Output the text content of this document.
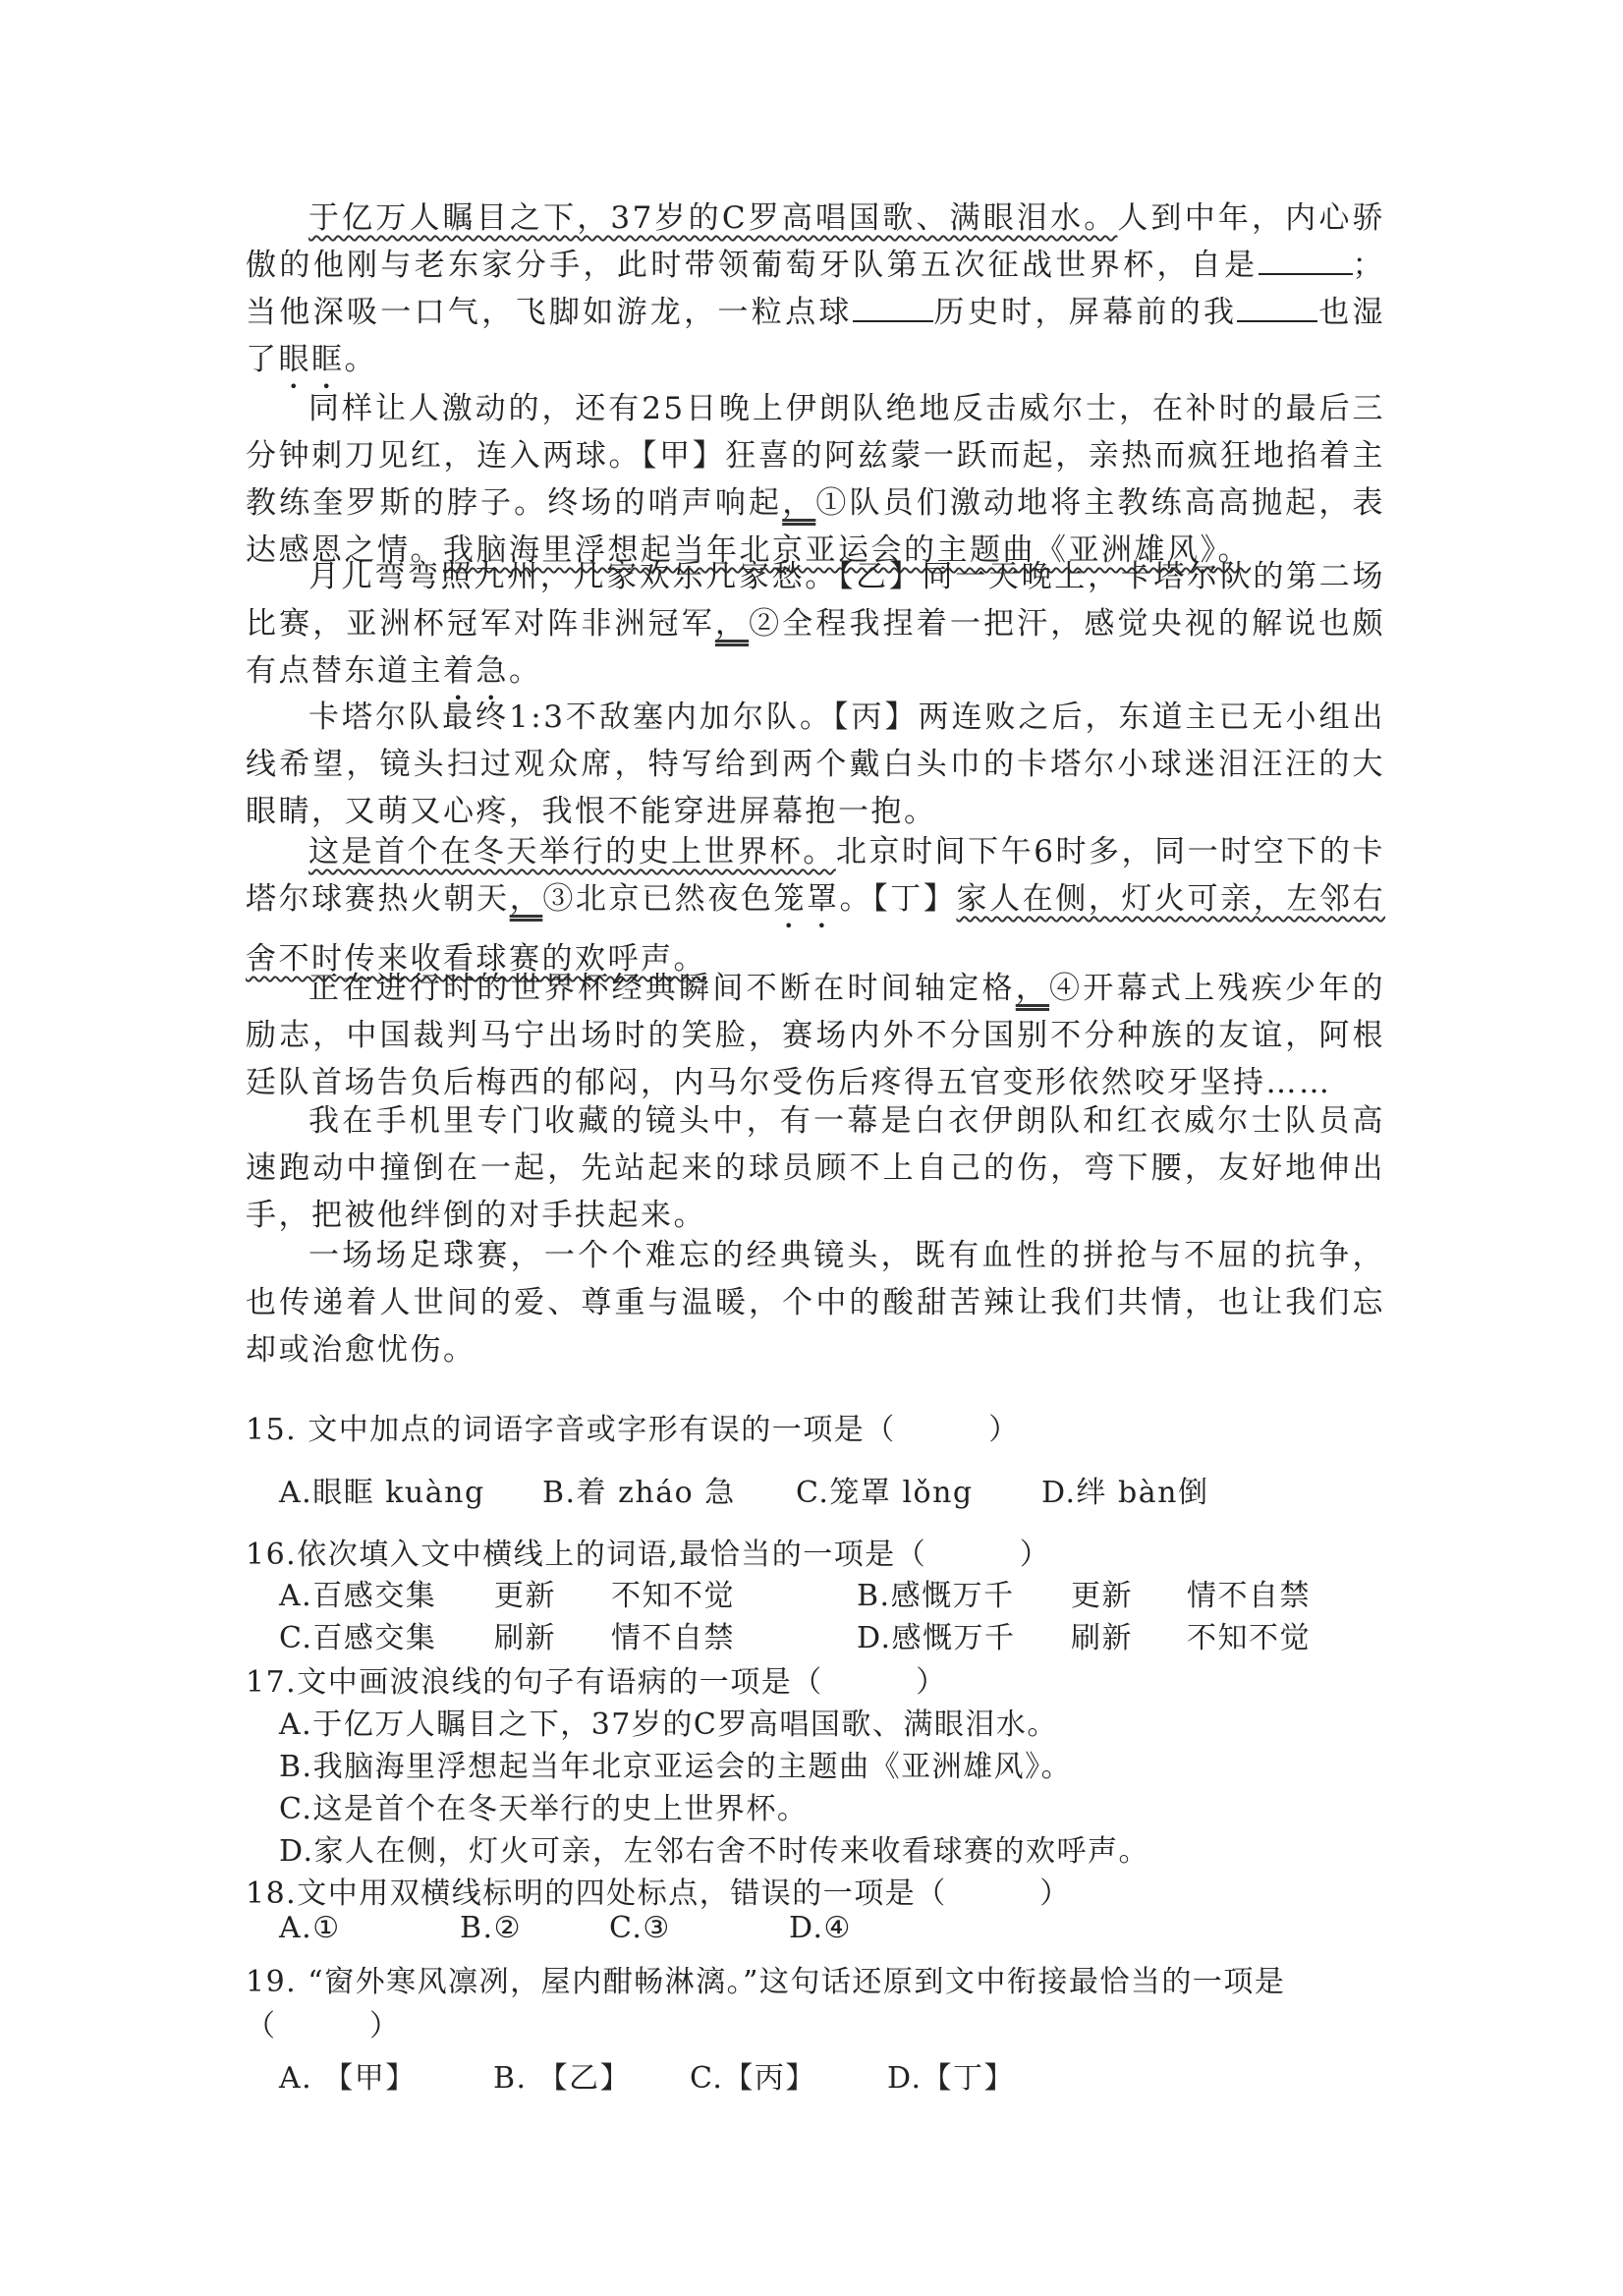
于亿万人瞩目之下，37岁的C罗高唱国歌、满眼泪水。人到中年，内心骄傲的他刚与老东家分手，此时带领葡萄牙队第五次征战世界杯，自是	；当他深吸一口气，飞脚如游龙，一粒点球	历史时，屏幕前的我	也湿了眼眶。

同样让人激动的，还有25日晚上伊朗队绝地反击威尔士，在补时的最后三分钟刺刀见红，连入两球。【甲】狂喜的阿兹蒙一跃而起，亲热而疯狂地掐着主教练奎罗斯的脖子。终场的哨声响起，①队员们激动地将主教练高高抛起，表达感恩之情。我脑海里浮想起当年北京亚运会的主题曲《亚洲雄风》。

月儿弯弯照九州，几家欢乐几家愁。【乙】同一天晚上，卡塔尔队的第二场比赛，亚洲杯冠军对阵非洲冠军，②全程我捏着一把汗，感觉央视的解说也颇有点替东道主着急。

卡塔尔队最终1:3不敌塞内加尔队。【丙】两连败之后，东道主已无小组出线希望，镜头扫过观众席，特写给到两个戴白头巾的卡塔尔小球迷泪汪汪的大眼睛，又萌又心疼，我恨不能穿进屏幕抱一抱。

这是首个在冬天举行的史上世界杯。北京时间下午6时多，同一时空下的卡塔尔球赛热火朝天，③北京已然夜色笼罩。【丁】家人在侧，灯火可亲，左邻右舍不时传来收看球赛的欢呼声。

正在进行时的世界杯经典瞬间不断在时间轴定格，④开幕式上残疾少年的励志，中国裁判马宁出场时的笑脸，赛场内外不分国别不分种族的友谊，阿根廷队首场告负后梅西的郁闷，内马尔受伤后疼得五官变形依然咬牙坚持……

我在手机里专门收藏的镜头中，有一幕是白衣伊朗队和红衣威尔士队员高速跑动中撞倒在一起，先站起来的球员顾不上自己的伤，弯下腰，友好地伸出手，把被他绊倒的对手扶起来。

一场场足球赛，一个个难忘的经典镜头，既有血性的拼抢与不屈的抗争，也传递着人世间的爱、尊重与温暖，个中的酸甜苦辣让我们共情，也让我们忘却或治愈忧伤。

15. 文中加点的词语字音或字形有误的一项是（　　　）

A.眼眶 kuàng B.着 zháo 急 C.笼罩 lǒng D.绊 bàn倒

16.依次填入文中横线上的词语,最恰当的一项是（　　　）

A.百感交集 更新 不知不觉	B.感慨万千 更新 情不自禁

C.百感交集 刷新 情不自禁	D.感慨万千 刷新 不知不觉

17.文中画波浪线的句子有语病的一项是（　　　）

A.于亿万人瞩目之下，37岁的C罗高唱国歌、满眼泪水。

B.我脑海里浮想起当年北京亚运会的主题曲《亚洲雄风》。

C.这是首个在冬天举行的史上世界杯。

D.家人在侧，灯火可亲，左邻右舍不时传来收看球赛的欢呼声。

18.文中用双横线标明的四处标点，错误的一项是（　　　）

A.①	B.②	C.③	D.④

19. “窗外寒风凛冽，屋内酣畅淋漓。”这句话还原到文中衔接最恰当的一项是

（　　　）

A. 【甲】	B. 【乙】 C.【丙】 D.【丁】
